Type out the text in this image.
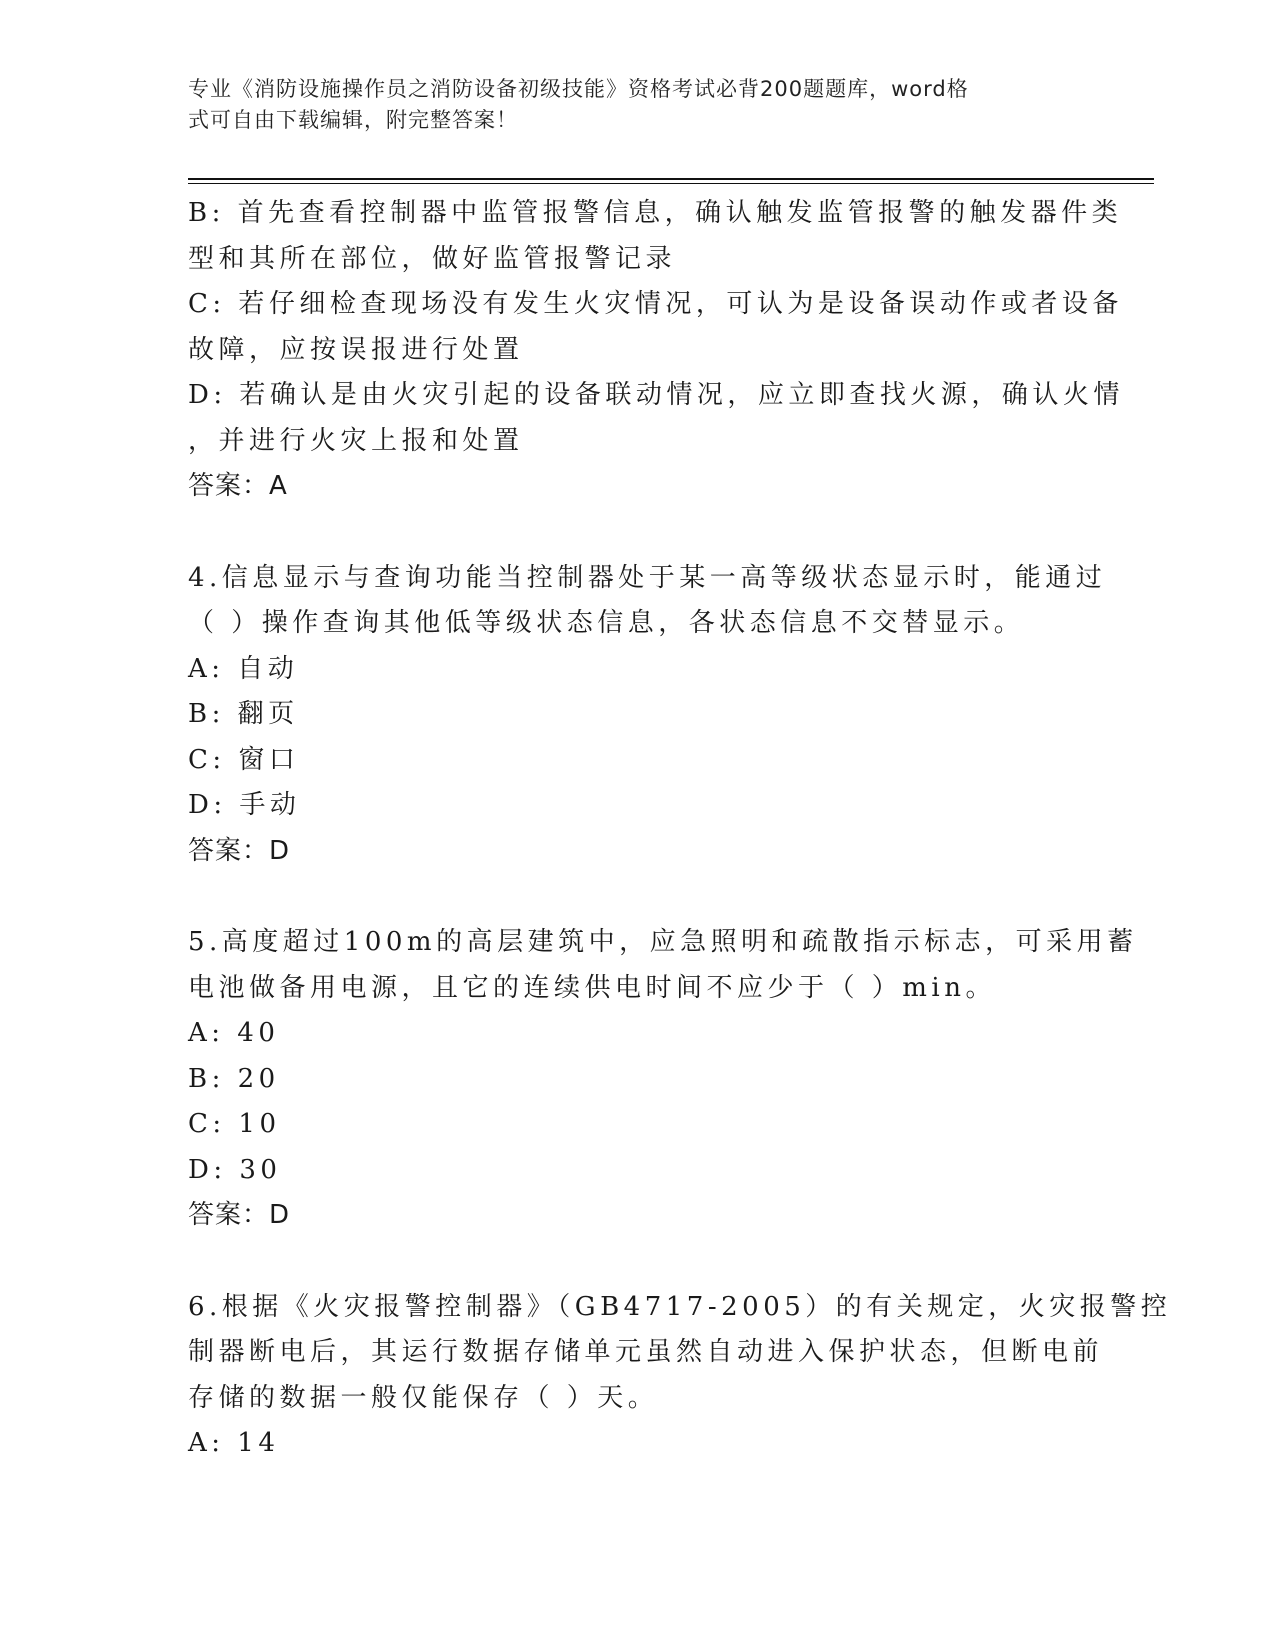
专业《消防设施操作员之消防设备初级技能》资格考试必背200题题库，word格
式可自由下载编辑，附完整答案！
B: 首先查看控制器中监管报警信息，确认触发监管报警的触发器件类
型和其所在部位，做好监管报警记录
C: 若仔细检查现场没有发生火灾情况，可认为是设备误动作或者设备
故障，应按误报进行处置
D: 若确认是由火灾引起的设备联动情况，应立即查找火源，确认火情
，并进行火灾上报和处置
答案：A
4.信息显示与查询功能当控制器处于某一高等级状态显示时，能通过
（ ）操作查询其他低等级状态信息，各状态信息不交替显示。
A: 自动
B: 翻页
C: 窗口
D: 手动
答案：D
5.高度超过100m的高层建筑中，应急照明和疏散指示标志，可采用蓄
电池做备用电源，且它的连续供电时间不应少于（ ）min。
A: 40
B: 20
C: 10
D: 30
答案：D
6.根据《火灾报警控制器》（GB4717-2005）的有关规定，火灾报警控
制器断电后，其运行数据存储单元虽然自动进入保护状态，但断电前
存储的数据一般仅能保存（ ）天。
A: 14
